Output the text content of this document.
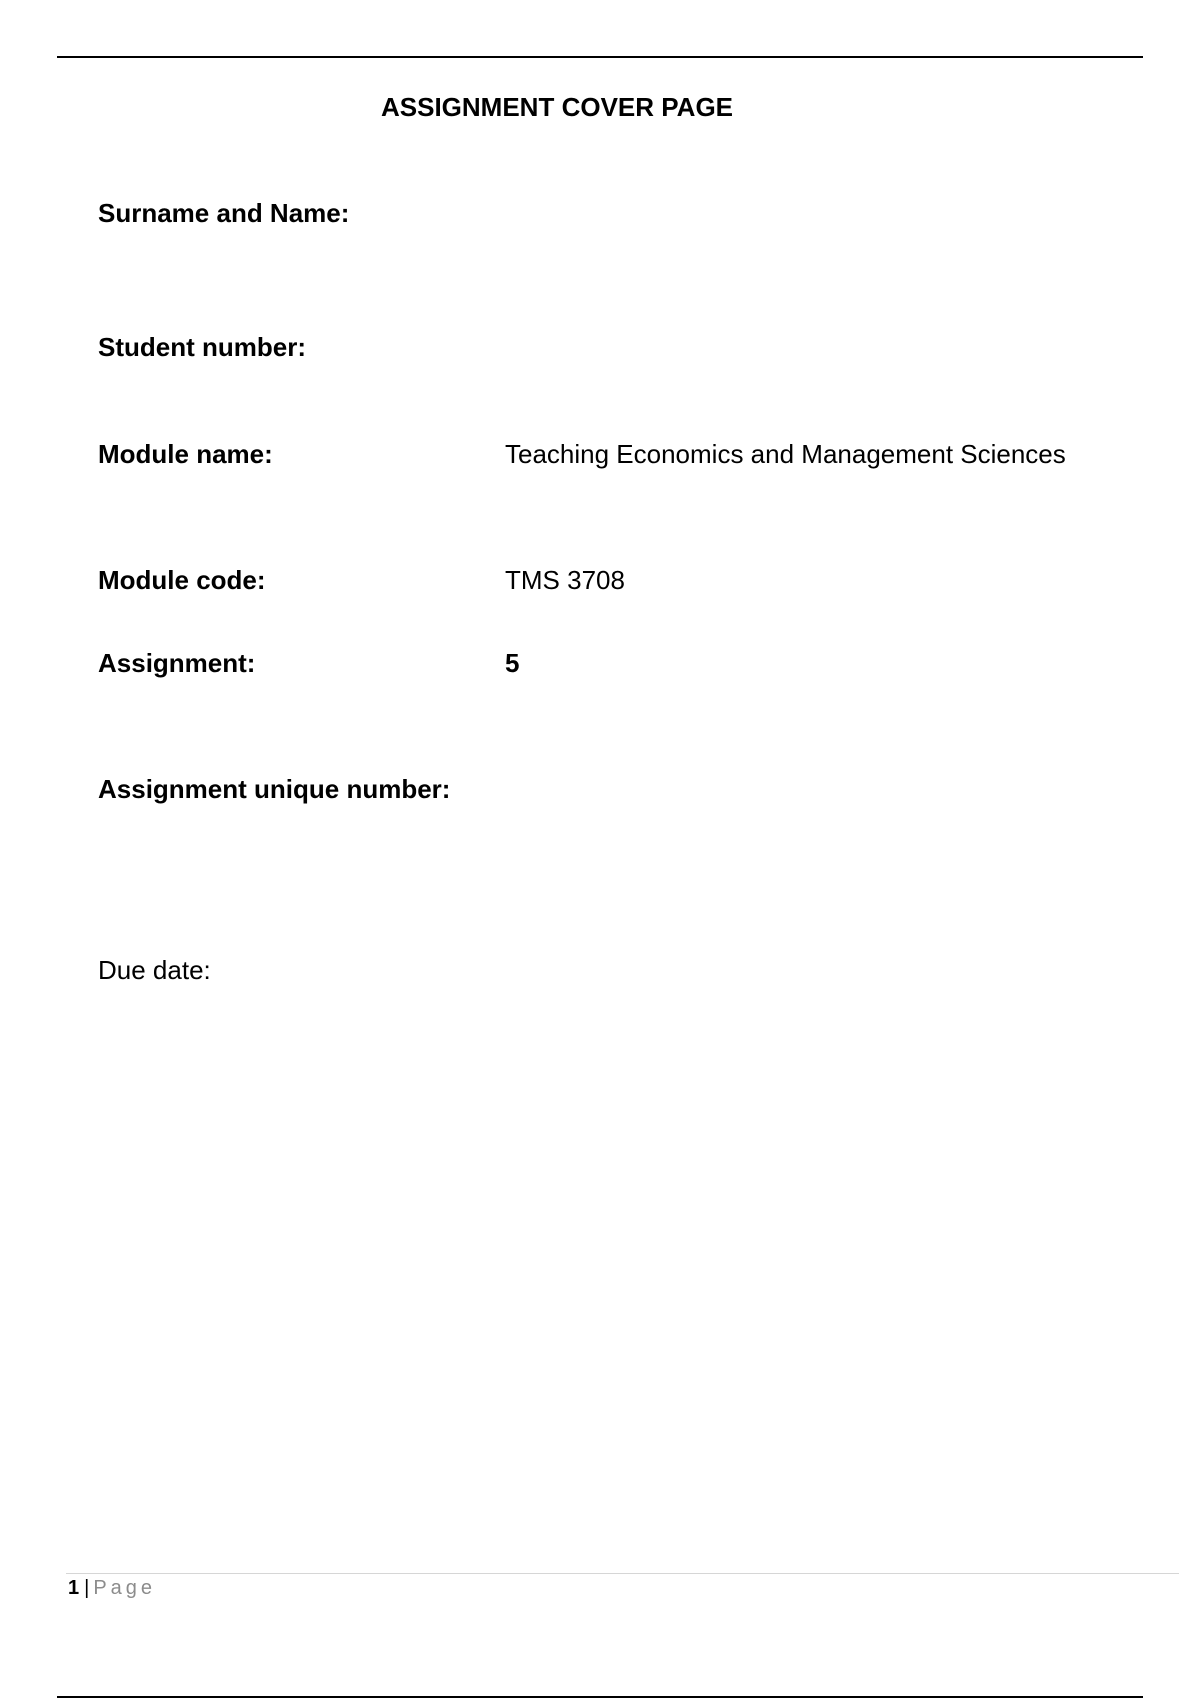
ASSIGNMENT COVER PAGE
Surname and Name:
Student number:
Module name:	Teaching Economics and Management Sciences
Module code:	TMS 3708
Assignment:	5
Assignment unique number:
Due date:
1 | Page
